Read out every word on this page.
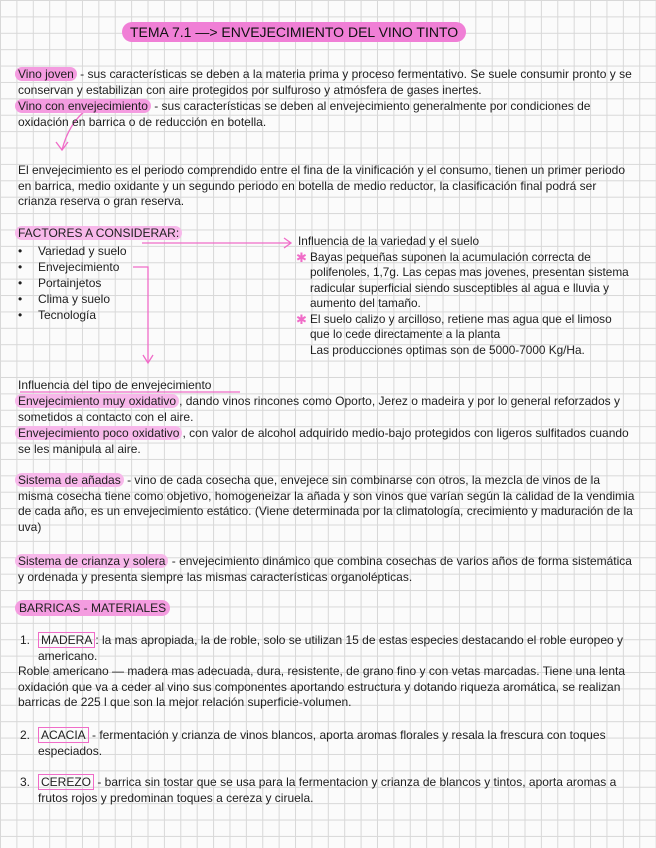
TEMA 7.1 —> ENVEJECIMIENTO DEL VINO TINTO
Vino joven - sus características se deben a la materia prima y proceso fermentativo. Se suele consumir pronto y se conservan y estabilizan con aire protegidos por sulfuroso y atmósfera de gases inertes.
Vino con envejecimiento - sus características se deben al envejecimiento generalmente por condiciones de oxidación en barrica o de reducción en botella.
El envejecimiento es el periodo comprendido entre el fina de la vinificación y el consumo, tienen un primer periodo en barrica, medio oxidante y un segundo periodo en botella de medio reductor, la clasificación final podrá ser crianza reserva o gran reserva.
FACTORES A CONSIDERAR:
• Variedad y suelo
• Envejecimiento
• Portainjetos
• Clima y suelo
• Tecnología
Influencia de la variedad y el suelo
✱ Bayas pequeñas suponen la acumulación correcta de polifenoles, 1,7g. Las cepas mas jovenes, presentan sistema radicular superficial siendo susceptibles al agua e lluvia y aumento del tamaño.
✱ El suelo calizo y arcilloso, retiene mas agua que el limoso que lo cede directamente a la planta
Las producciones optimas son de 5000-7000 Kg/Ha.
Influencia del tipo de envejecimiento
Envejecimiento muy oxidativo , dando vinos rincones como Oporto, Jerez o madeira y por lo general reforzados y sometidos a contacto con el aire.
Envejecimiento poco oxidativo , con valor de alcohol adquirido medio-bajo protegidos con ligeros sulfitados cuando se les manipula al aire.
Sistema de añadas - vino de cada cosecha que, envejece sin combinarse con otros, la mezcla de vinos de la misma cosecha tiene como objetivo, homogeneizar la añada y son vinos que varían según la calidad de la vendimia de cada año, es un envejecimiento estático. (Viene determinada por la climatología, crecimiento y maduración de la uva)
Sistema de crianza y solera - envejecimiento dinámico que combina cosechas de varios años de forma sistemática y ordenada y presenta siempre las mismas características organolépticas.
BARRICAS - MATERIALES
1. MADERA : la mas apropiada, la de roble, solo se utilizan 15 de estas especies destacando el roble europeo y americano.
Roble americano — madera mas adecuada, dura, resistente, de grano fino y con vetas marcadas. Tiene una lenta oxidación que va a ceder al vino sus componentes aportando estructura y dotando riqueza aromática, se realizan barricas de 225 l que son la mejor relación superficie-volumen.
2. ACACIA - fermentación y crianza de vinos blancos, aporta aromas florales y resala la frescura con toques especiados.
3. CEREZO - barrica sin tostar que se usa para la fermentacion y crianza de blancos y tintos, aporta aromas a frutos rojos y predominan toques a cereza y ciruela.
